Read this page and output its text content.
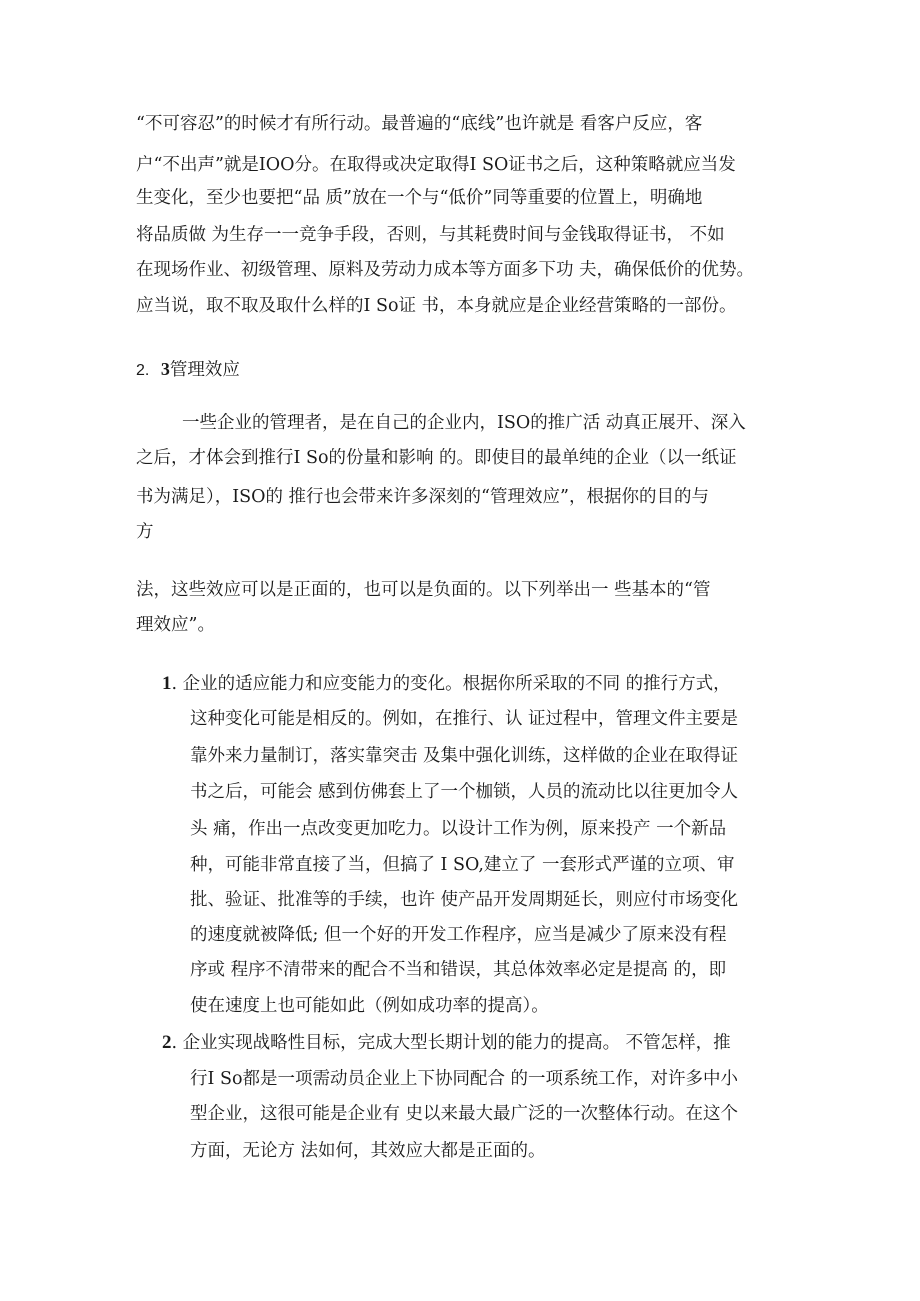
“不可容忍”的时候才有所行动。最普遍的“底线”也许就是 看客户反应，客
户“不出声”就是IOO分。在取得或决定取得I SO证书之后，这种策略就应当发
生变化，至少也要把“品 质”放在一个与“低价”同等重要的位置上，明确地
将品质做 为生存一一竞争手段，否则，与其耗费时间与金钱取得证书， 不如
在现场作业、初级管理、原料及劳动力成本等方面多下功 夫，确保低价的优势。
应当说，取不取及取什么样的I So证 书，本身就应是企业经营策略的一部份。
2. 3管理效应
一些企业的管理者，是在自己的企业内，ISO的推广活 动真正展开、深入
之后，才体会到推行I So的份量和影响 的。即使目的最单纯的企业（以一纸证
书为满足），ISO的 推行也会带来许多深刻的“管理效应”，根据你的目的与
方
法，这些效应可以是正面的，也可以是负面的。以下列举出一 些基本的“管
理效应”。
1. 企业的适应能力和应变能力的变化。根据你所采取的不同 的推行方式，
这种变化可能是相反的。例如，在推行、认 证过程中，管理文件主要是
靠外来力量制订，落实靠突击 及集中强化训练，这样做的企业在取得证
书之后，可能会 感到仿佛套上了一个枷锁，人员的流动比以往更加令人
头 痛，作出一点改变更加吃力。以设计工作为例，原来投产 一个新品
种，可能非常直接了当，但搞了 I SO,建立了 一套形式严谨的立项、审
批、验证、批准等的手续，也许 使产品开发周期延长，则应付市场变化
的速度就被降低; 但一个好的开发工作程序，应当是减少了原来没有程
序或 程序不清带来的配合不当和错误，其总体效率必定是提高 的，即
使在速度上也可能如此（例如成功率的提高）。
2. 企业实现战略性目标，完成大型长期计划的能力的提高。 不管怎样，推
行I So都是一项需动员企业上下协同配合 的一项系统工作，对许多中小
型企业，这很可能是企业有 史以来最大最广泛的一次整体行动。在这个
方面，无论方 法如何，其效应大都是正面的。
